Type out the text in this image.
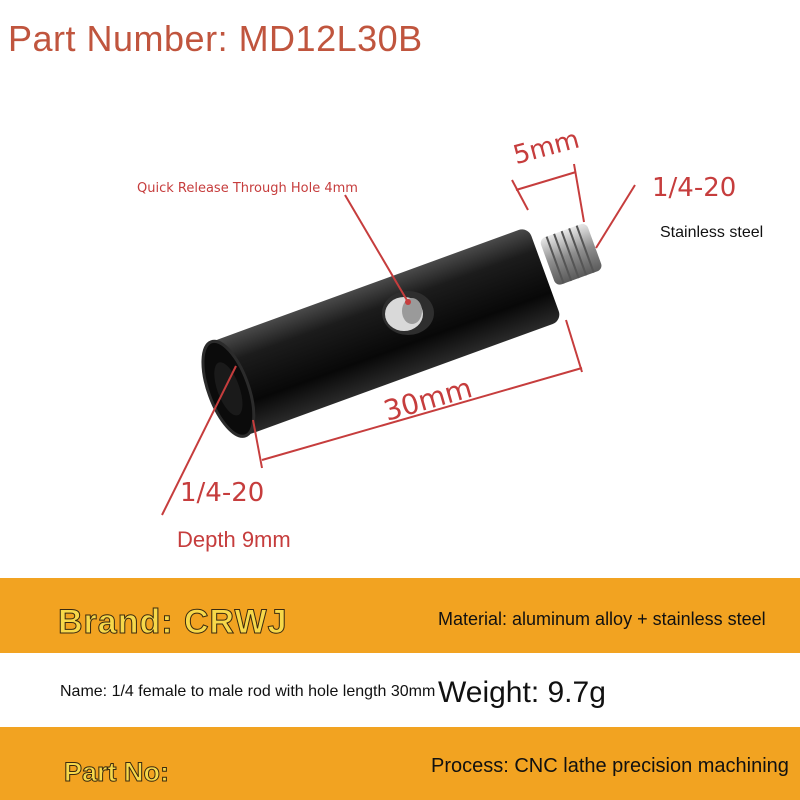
Part Number: MD12L30B
Quick Release Through Hole 4mm	1/4-20
Stainless steel
5mm
30mm
1/4-20
Depth 9mm
Brand: CRWJ	Material: aluminum alloy + stainless steel
Name: 1/4 female to male rod with hole length 30mm Weight: 9.7g
Part No:	Process: CNC lathe precision machining
